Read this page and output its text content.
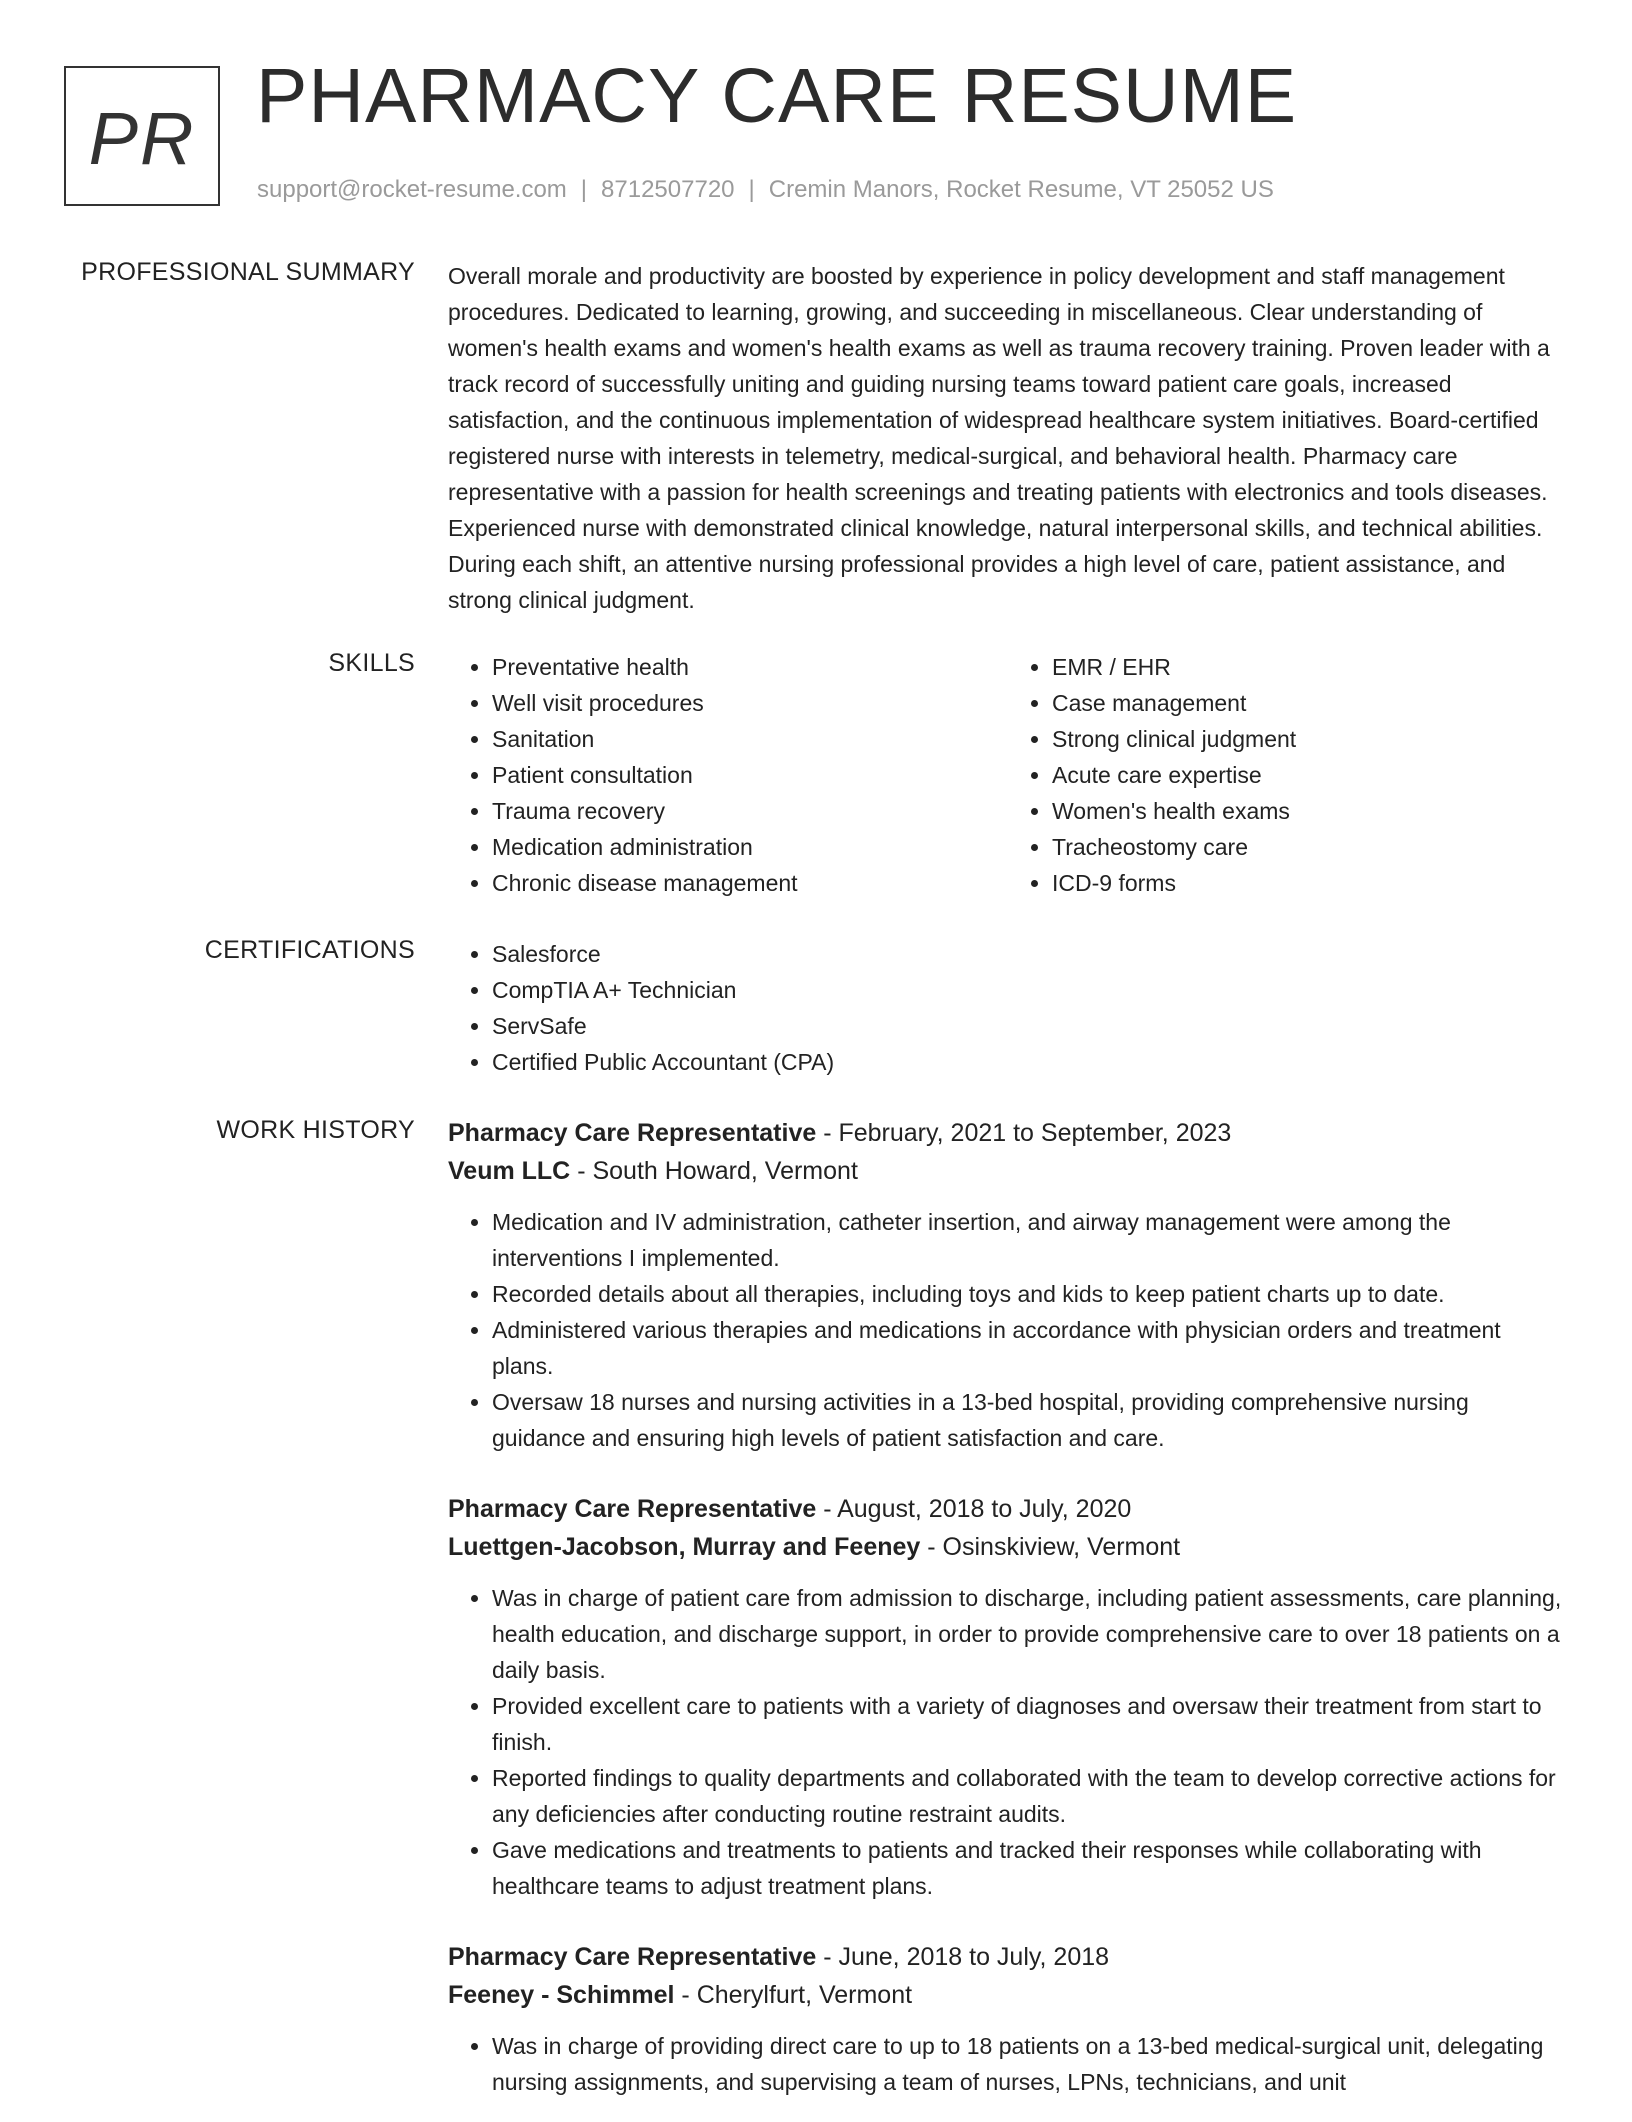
PR PHARMACY CARE RESUME
support@rocket-resume.com | 8712507720 | Cremin Manors, Rocket Resume, VT 25052 US
PROFESSIONAL SUMMARY Overall morale and productivity are boosted by experience in policy development and staff management procedures. Dedicated to learning, growing, and succeeding in miscellaneous. Clear understanding of women's health exams and women's health exams as well as trauma recovery training. Proven leader with a track record of successfully uniting and guiding nursing teams toward patient care goals, increased satisfaction, and the continuous implementation of widespread healthcare system initiatives. Board-certified registered nurse with interests in telemetry, medical-surgical, and behavioral health. Pharmacy care representative with a passion for health screenings and treating patients with electronics and tools diseases. Experienced nurse with demonstrated clinical knowledge, natural interpersonal skills, and technical abilities. During each shift, an attentive nursing professional provides a high level of care, patient assistance, and strong clinical judgment.

SKILLS	• Preventative health
• Well visit procedures
• Sanitation
• Patient consultation
• Trauma recovery
• Medication administration
• Chronic disease management
• EMR / EHR
• Case management
• Strong clinical judgment
• Acute care expertise
• Women's health exams
• Tracheostomy care
• ICD-9 forms
CERTIFICATIONS	• Salesforce
• CompTIA A+ Technician
• ServSafe
• Certified Public Accountant (CPA)
WORK HISTORY Pharmacy Care Representative - February, 2021 to September, 2023
Veum LLC - South Howard, Vermont
• Medication and IV administration, catheter insertion, and airway management were among the interventions I implemented.
• Recorded details about all therapies, including toys and kids to keep patient charts up to date.
• Administered various therapies and medications in accordance with physician orders and treatment plans.
• Oversaw 18 nurses and nursing activities in a 13-bed hospital, providing comprehensive nursing guidance and ensuring high levels of patient satisfaction and care.
Pharmacy Care Representative - August, 2018 to July, 2020
Luettgen-Jacobson, Murray and Feeney - Osinskiview, Vermont
• Was in charge of patient care from admission to discharge, including patient assessments, care planning, health education, and discharge support, in order to provide comprehensive care to over 18 patients on a daily basis.
• Provided excellent care to patients with a variety of diagnoses and oversaw their treatment from start to finish.
• Reported findings to quality departments and collaborated with the team to develop corrective actions for any deficiencies after conducting routine restraint audits.
• Gave medications and treatments to patients and tracked their responses while collaborating with healthcare teams to adjust treatment plans.
Pharmacy Care Representative - June, 2018 to July, 2018
Feeney - Schimmel - Cherylfurt, Vermont
• Was in charge of providing direct care to up to 18 patients on a 13-bed medical-surgical unit, delegating nursing assignments, and supervising a team of nurses, LPNs, technicians, and unit
